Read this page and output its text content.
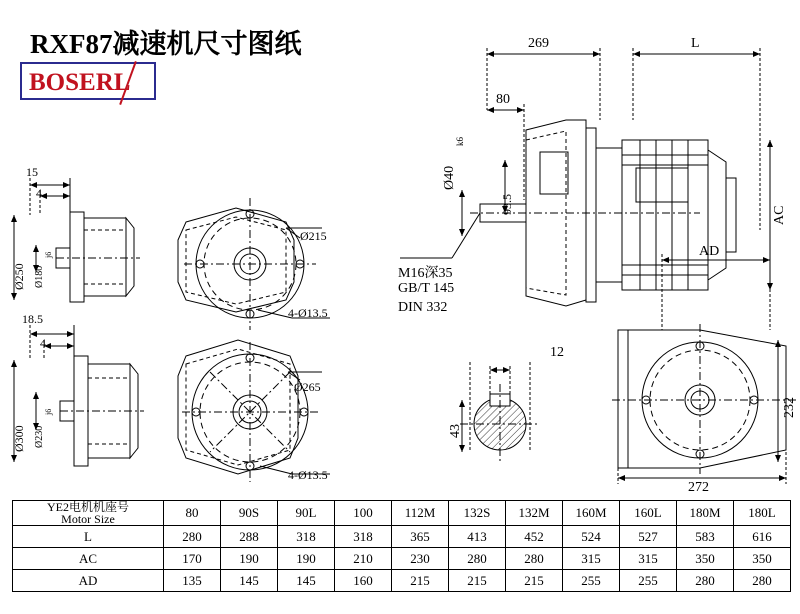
RXF87减速机尺寸图纸
BOSERL
15
4
Ø250 Ø180
j6
Ø215
4-Ø13.5
18.5
4
Ø300 Ø230
j6
Ø265
4-Ø13.5
269	L
80
Ø40
k6
93.5
AC
AD
M16深35
GB/T 145
DIN 332
12
43
232
272
YE2电机机座号
Motor Size	80	90S	90L	100	112M	132S	132M	160M	160L	180M	180L
L	280	288	318	318	365	413	452	524	527	583	616
AC	170	190	190	210	230	280	280	315	315	350	350
AD	135	145	145	160	215	215	215	255	255	280	280
